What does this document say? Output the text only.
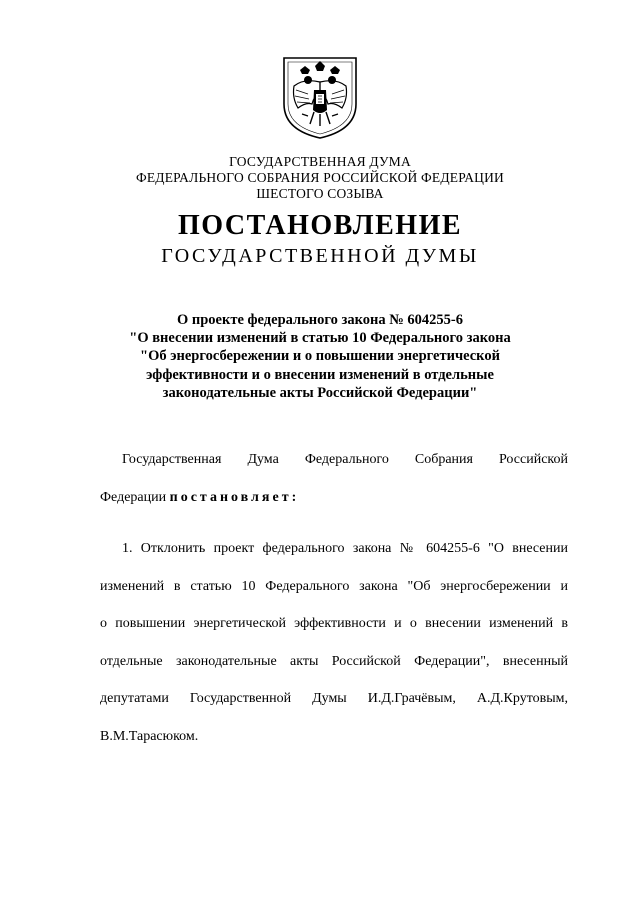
ГОСУДАРСТВЕННАЯ ДУМА
ФЕДЕРАЛЬНОГО СОБРАНИЯ РОССИЙСКОЙ ФЕДЕРАЦИИ
ШЕСТОГО СОЗЫВА
ПОСТАНОВЛЕНИЕ
ГОСУДАРСТВЕННОЙ ДУМЫ
О проекте федерального закона № 604255-6
"О внесении изменений в статью 10 Федерального закона
"Об энергосбережении и о повышении энергетической
эффективности и о внесении изменений в отдельные
законодательные акты Российской Федерации"
Государственная Дума Федерального Собрания Российской
Федерации постановляет:
1. Отклонить проект федерального закона № 604255-6 "О внесении
изменений в статью 10 Федерального закона "Об энергосбережении и
о повышении энергетической эффективности и о внесении изменений в
отдельные законодательные акты Российской Федерации", внесенный
депутатами Государственной Думы И.Д.Грачёвым, А.Д.Крутовым,
В.М.Тарасюком.
